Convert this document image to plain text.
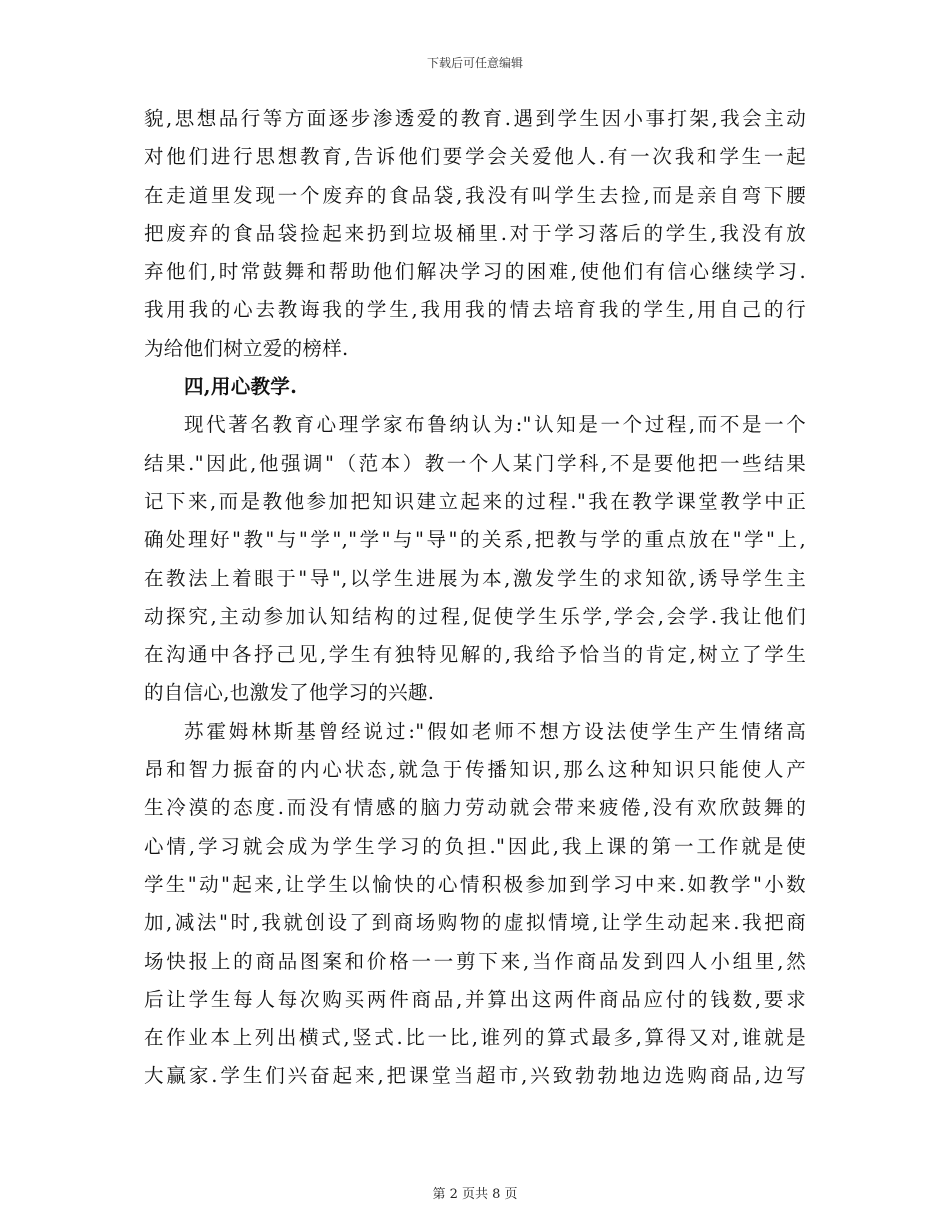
下载后可任意编辑
貌,思想品行等方面逐步渗透爱的教育.遇到学生因小事打架,我会主动
对他们进行思想教育,告诉他们要学会关爱他人.有一次我和学生一起
在走道里发现一个废弃的食品袋,我没有叫学生去捡,而是亲自弯下腰
把废弃的食品袋捡起来扔到垃圾桶里.对于学习落后的学生,我没有放
弃他们,时常鼓舞和帮助他们解决学习的困难,使他们有信心继续学习.
我用我的心去教诲我的学生,我用我的情去培育我的学生,用自己的行
为给他们树立爱的榜样.
四,用心教学.
现代著名教育心理学家布鲁纳认为:"认知是一个过程,而不是一个
结果."因此,他强调"（范本）教一个人某门学科,不是要他把一些结果
记下来,而是教他参加把知识建立起来的过程."我在教学课堂教学中正
确处理好"教"与"学","学"与"导"的关系,把教与学的重点放在"学"上,
在教法上着眼于"导",以学生进展为本,激发学生的求知欲,诱导学生主
动探究,主动参加认知结构的过程,促使学生乐学,学会,会学.我让他们
在沟通中各抒己见,学生有独特见解的,我给予恰当的肯定,树立了学生
的自信心,也激发了他学习的兴趣.
苏霍姆林斯基曾经说过:"假如老师不想方设法使学生产生情绪高
昂和智力振奋的内心状态,就急于传播知识,那么这种知识只能使人产
生冷漠的态度.而没有情感的脑力劳动就会带来疲倦,没有欢欣鼓舞的
心情,学习就会成为学生学习的负担."因此,我上课的第一工作就是使
学生"动"起来,让学生以愉快的心情积极参加到学习中来.如教学"小数
加,减法"时,我就创设了到商场购物的虚拟情境,让学生动起来.我把商
场快报上的商品图案和价格一一剪下来,当作商品发到四人小组里,然
后让学生每人每次购买两件商品,并算出这两件商品应付的钱数,要求
在作业本上列出横式,竖式.比一比,谁列的算式最多,算得又对,谁就是
大赢家.学生们兴奋起来,把课堂当超市,兴致勃勃地边选购商品,边写
第 2 页共 8 页
